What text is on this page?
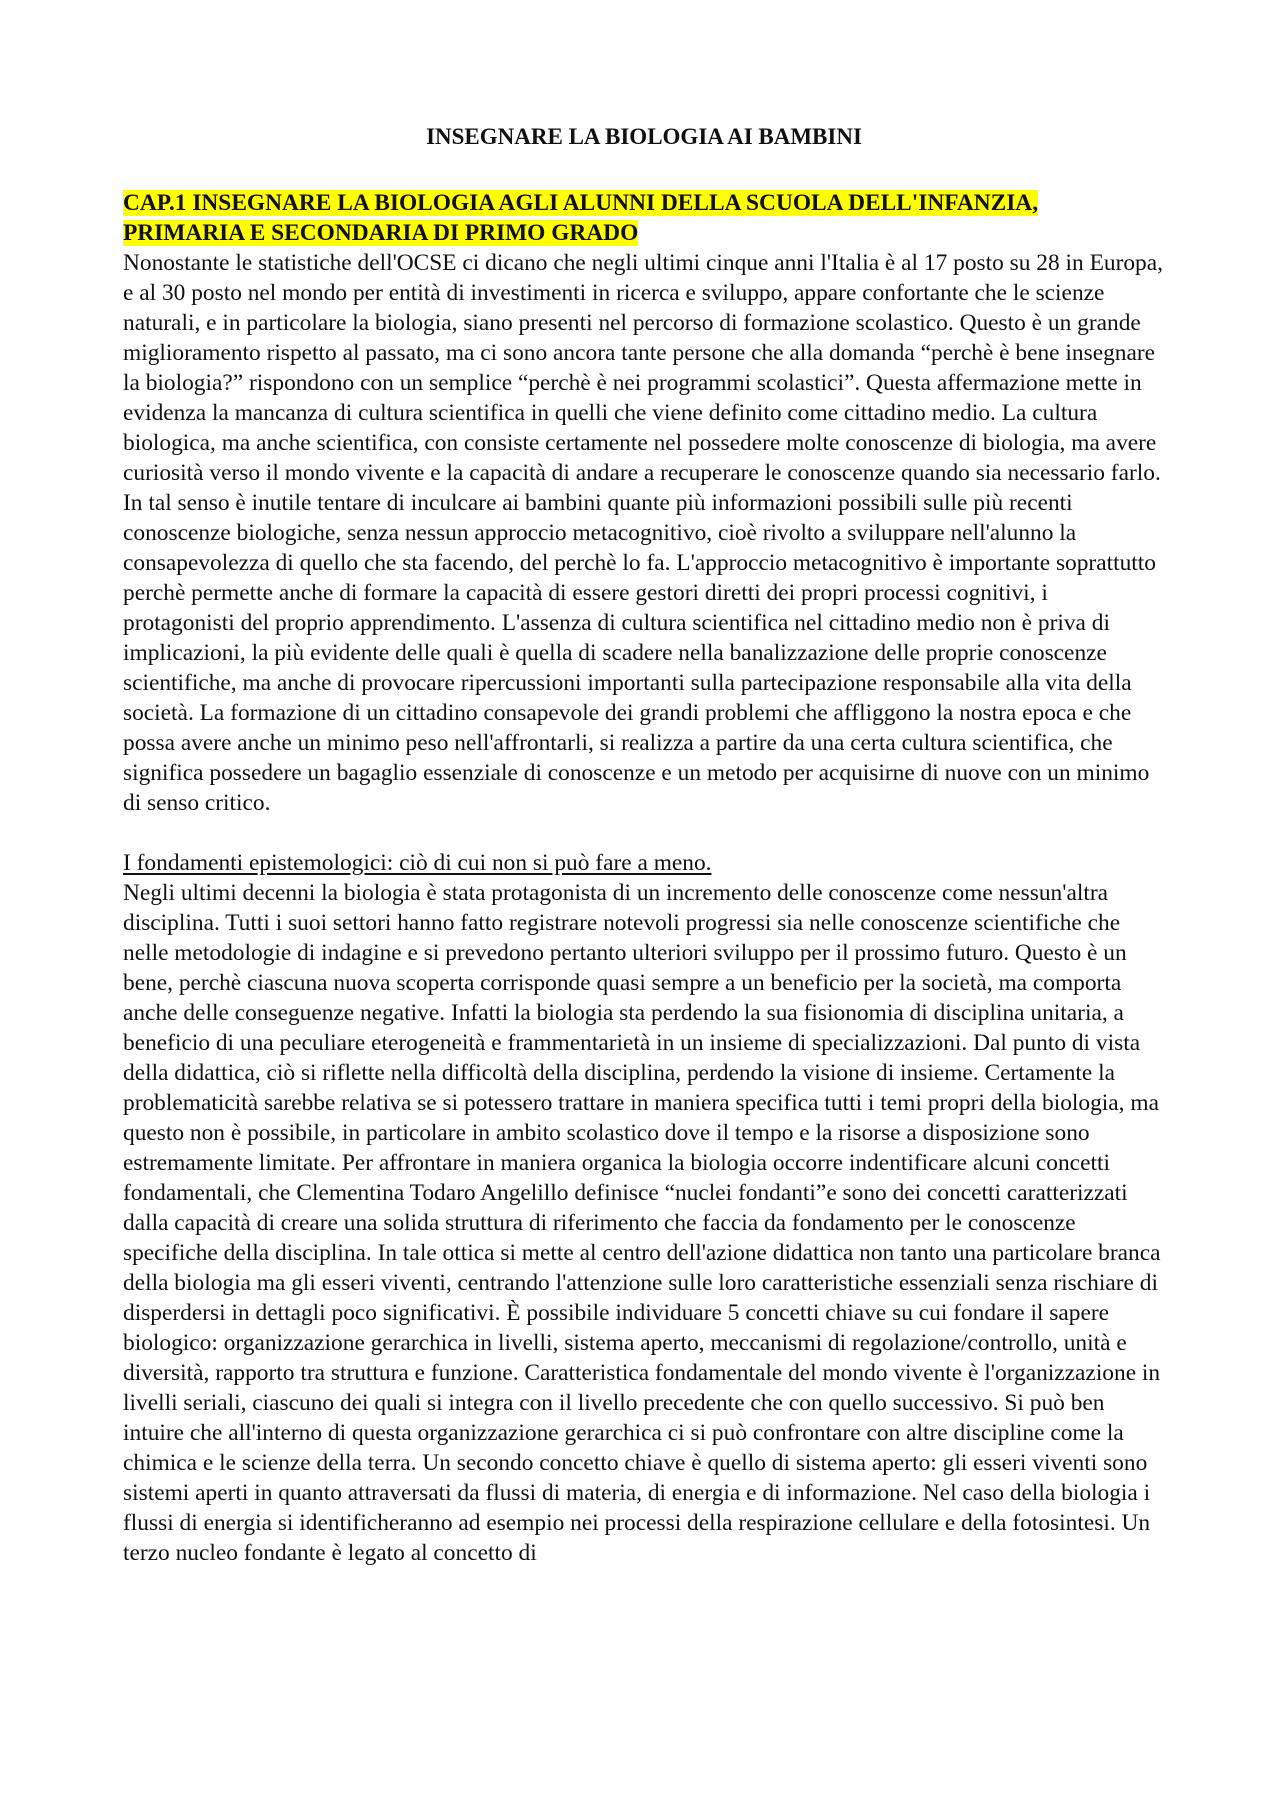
INSEGNARE LA BIOLOGIA AI BAMBINI
CAP.1 INSEGNARE LA BIOLOGIA AGLI ALUNNI DELLA SCUOLA DELL'INFANZIA, PRIMARIA E SECONDARIA DI PRIMO GRADO

Nonostante le statistiche dell'OCSE ci dicano che negli ultimi cinque anni l'Italia è al 17 posto su 28 in Europa, e al 30 posto nel mondo per entità di investimenti in ricerca e sviluppo, appare confortante che le scienze naturali, e in particolare la biologia, siano presenti nel percorso di formazione scolastico. Questo è un grande miglioramento rispetto al passato, ma ci sono ancora tante persone che alla domanda “perchè è bene insegnare la biologia?” rispondono con un semplice “perchè è nei programmi scolastici”. Questa affermazione mette in evidenza la mancanza di cultura scientifica in quelli che viene definito come cittadino medio. La cultura biologica, ma anche scientifica, con consiste certamente nel possedere molte conoscenze di biologia, ma avere curiosità verso il mondo vivente e la capacità di andare a recuperare le conoscenze quando sia necessario farlo. In tal senso è inutile tentare di inculcare ai bambini quante più informazioni possibili sulle più recenti conoscenze biologiche, senza nessun approccio metacognitivo, cioè rivolto a sviluppare nell'alunno la consapevolezza di quello che sta facendo, del perchè lo fa. L'approccio metacognitivo è importante soprattutto perchè permette anche di formare la capacità di essere gestori diretti dei propri processi cognitivi, i protagonisti del proprio apprendimento. L'assenza di cultura scientifica nel cittadino medio non è priva di implicazioni, la più evidente delle quali è quella di scadere nella banalizzazione delle proprie conoscenze scientifiche, ma anche di provocare ripercussioni importanti sulla partecipazione responsabile alla vita della società. La formazione di un cittadino consapevole dei grandi problemi che affliggono la nostra epoca e che possa avere anche un minimo peso nell'affrontarli, si realizza a partire da una certa cultura scientifica, che significa possedere un bagaglio essenziale di conoscenze e un metodo per acquisirne di nuove con un minimo di senso critico.

I fondamenti epistemologici: ciò di cui non si può fare a meno.

Negli ultimi decenni la biologia è stata protagonista di un incremento delle conoscenze come nessun'altra disciplina. Tutti i suoi settori hanno fatto registrare notevoli progressi sia nelle conoscenze scientifiche che nelle metodologie di indagine e si prevedono pertanto ulteriori sviluppo per il prossimo futuro. Questo è un bene, perchè ciascuna nuova scoperta corrisponde quasi sempre a un beneficio per la società, ma comporta anche delle conseguenze negative. Infatti la biologia sta perdendo la sua fisionomia di disciplina unitaria, a beneficio di una peculiare eterogeneità e frammentarietà in un insieme di specializzazioni. Dal punto di vista della didattica, ciò si riflette nella difficoltà della disciplina, perdendo la visione di insieme. Certamente la problematicità sarebbe relativa se si potessero trattare in maniera specifica tutti i temi propri della biologia, ma questo non è possibile, in particolare in ambito scolastico dove il tempo e la risorse a disposizione sono estremamente limitate. Per affrontare in maniera organica la biologia occorre indentificare alcuni concetti fondamentali, che Clementina Todaro Angelillo definisce “nuclei fondanti”e sono dei concetti caratterizzati dalla capacità di creare una solida struttura di riferimento che faccia da fondamento per le conoscenze specifiche della disciplina. In tale ottica si mette al centro dell'azione didattica non tanto una particolare branca della biologia ma gli esseri viventi, centrando l'attenzione sulle loro caratteristiche essenziali senza rischiare di disperdersi in dettagli poco significativi. È possibile individuare 5 concetti chiave su cui fondare il sapere biologico: organizzazione gerarchica in livelli, sistema aperto, meccanismi di regolazione/controllo, unità e diversità, rapporto tra struttura e funzione. Caratteristica fondamentale del mondo vivente è l'organizzazione in livelli seriali, ciascuno dei quali si integra con il livello precedente che con quello successivo. Si può ben intuire che all'interno di questa organizzazione gerarchica ci si può confrontare con altre discipline come la chimica e le scienze della terra. Un secondo concetto chiave è quello di sistema aperto: gli esseri viventi sono sistemi aperti in quanto attraversati da flussi di materia, di energia e di informazione. Nel caso della biologia i flussi di energia si identificheranno ad esempio nei processi della respirazione cellulare e della fotosintesi. Un terzo nucleo fondante è legato al concetto di
